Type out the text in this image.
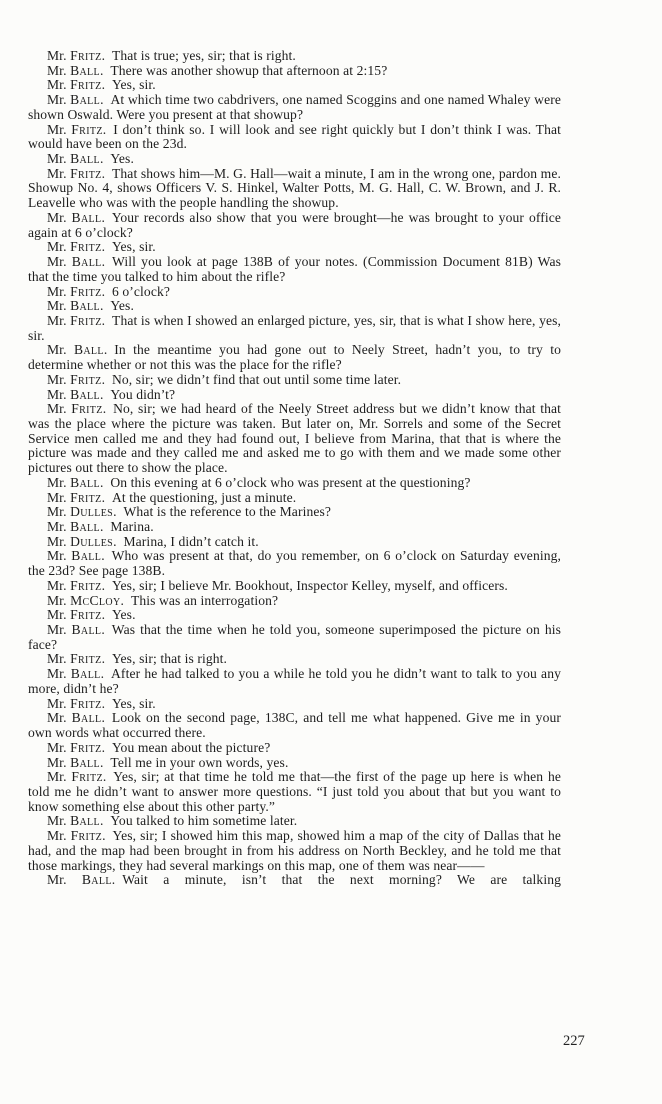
Mr. Fritz. That is true; yes, sir; that is right.

Mr. Ball. There was another showup that afternoon at 2:15?

Mr. Fritz. Yes, sir.

Mr. Ball. At which time two cabdrivers, one named Scoggins and one named Whaley were shown Oswald. Were you present at that showup?

Mr. Fritz. I don’t think so. I will look and see right quickly but I don’t think I was. That would have been on the 23d.

Mr. Ball. Yes.

Mr. Fritz. That shows him—M. G. Hall—wait a minute, I am in the wrong one, pardon me. Showup No. 4, shows Officers V. S. Hinkel, Walter Potts, M. G. Hall, C. W. Brown, and J. R. Leavelle who was with the people handling the showup.

Mr. Ball. Your records also show that you were brought—he was brought to your office again at 6 o’clock?

Mr. Fritz. Yes, sir.

Mr. Ball. Will you look at page 138B of your notes. (Commission Document 81B) Was that the time you talked to him about the rifle?

Mr. Fritz. 6 o’clock?

Mr. Ball. Yes.

Mr. Fritz. That is when I showed an enlarged picture, yes, sir, that is what I show here, yes, sir.

Mr. Ball. In the meantime you had gone out to Neely Street, hadn’t you, to try to determine whether or not this was the place for the rifle?

Mr. Fritz. No, sir; we didn’t find that out until some time later.

Mr. Ball. You didn’t?

Mr. Fritz. No, sir; we had heard of the Neely Street address but we didn’t know that that was the place where the picture was taken. But later on, Mr. Sorrels and some of the Secret Service men called me and they had found out, I believe from Marina, that that is where the picture was made and they called me and asked me to go with them and we made some other pictures out there to show the place.

Mr. Ball. On this evening at 6 o’clock who was present at the questioning?

Mr. Fritz. At the questioning, just a minute.

Mr. Dulles. What is the reference to the Marines?

Mr. Ball. Marina.

Mr. Dulles. Marina, I didn’t catch it.

Mr. Ball. Who was present at that, do you remember, on 6 o’clock on Saturday evening, the 23d? See page 138B.

Mr. Fritz. Yes, sir; I believe Mr. Bookhout, Inspector Kelley, myself, and officers.

Mr. McCloy. This was an interrogation?

Mr. Fritz. Yes.

Mr. Ball. Was that the time when he told you, someone superimposed the picture on his face?

Mr. Fritz. Yes, sir; that is right.

Mr. Ball. After he had talked to you a while he told you he didn’t want to talk to you any more, didn’t he?

Mr. Fritz. Yes, sir.

Mr. Ball. Look on the second page, 138C, and tell me what happened. Give me in your own words what occurred there.

Mr. Fritz. You mean about the picture?

Mr. Ball. Tell me in your own words, yes.

Mr. Fritz. Yes, sir; at that time he told me that—the first of the page up here is when he told me he didn’t want to answer more questions. “I just told you about that but you want to know something else about this other party.”

Mr. Ball. You talked to him sometime later.

Mr. Fritz. Yes, sir; I showed him this map, showed him a map of the city of Dallas that he had, and the map had been brought in from his address on North Beckley, and he told me that those markings, they had several markings on this map, one of them was near——

Mr. Ball. Wait a minute, isn’t that the next morning? We are talking

227
